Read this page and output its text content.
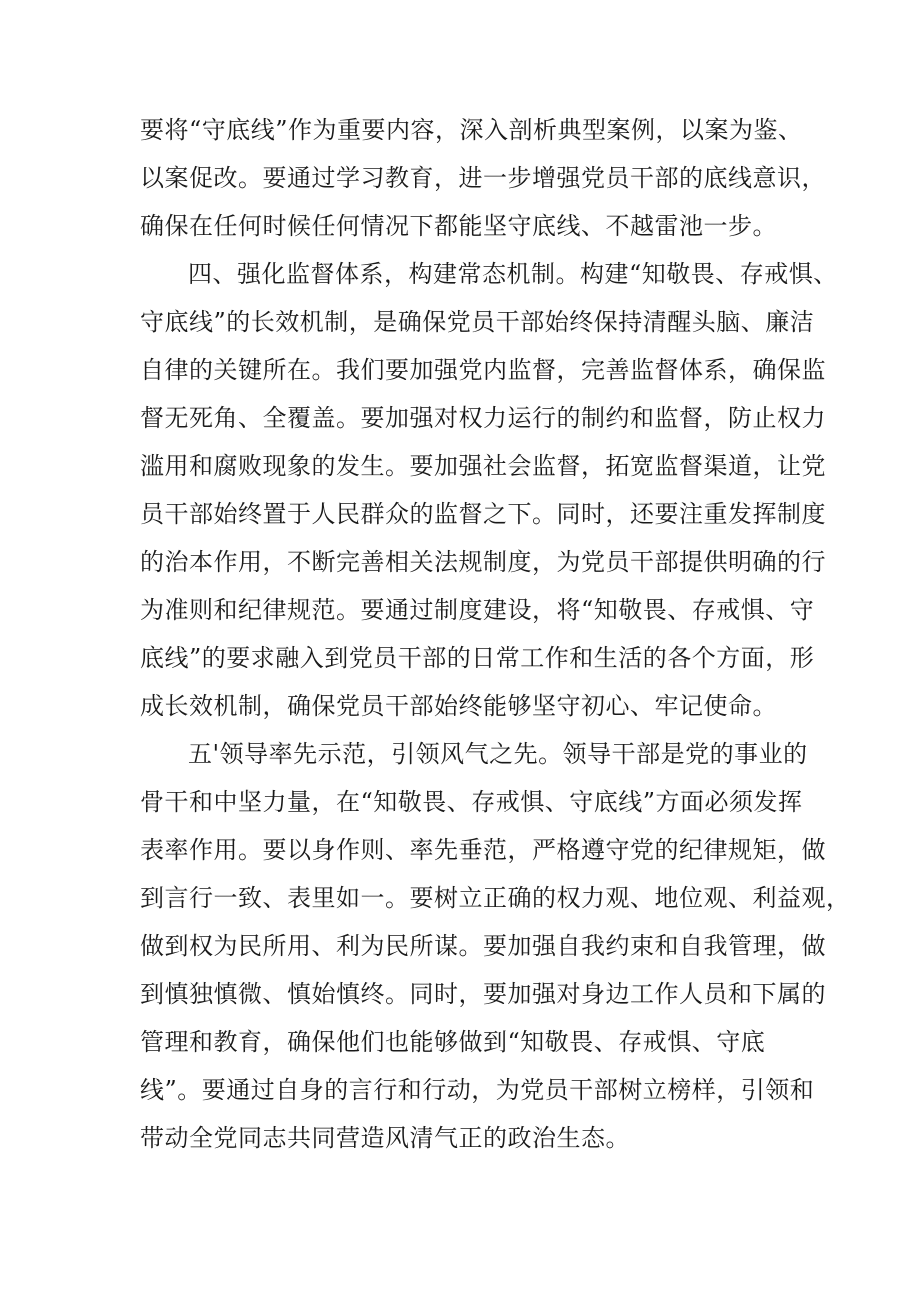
要将“守底线”作为重要内容，深入剖析典型案例，以案为鉴、
以案促改。要通过学习教育，进一步增强党员干部的底线意识，
确保在任何时候任何情况下都能坚守底线、不越雷池一步。
四、强化监督体系，构建常态机制。构建“知敬畏、存戒惧、
守底线”的长效机制，是确保党员干部始终保持清醒头脑、廉洁
自律的关键所在。我们要加强党内监督，完善监督体系，确保监
督无死角、全覆盖。要加强对权力运行的制约和监督，防止权力
滥用和腐败现象的发生。要加强社会监督，拓宽监督渠道，让党
员干部始终置于人民群众的监督之下。同时，还要注重发挥制度
的治本作用，不断完善相关法规制度，为党员干部提供明确的行
为准则和纪律规范。要通过制度建设，将“知敬畏、存戒惧、守
底线”的要求融入到党员干部的日常工作和生活的各个方面，形
成长效机制，确保党员干部始终能够坚守初心、牢记使命。
五'领导率先示范，引领风气之先。领导干部是党的事业的
骨干和中坚力量，在“知敬畏、存戒惧、守底线”方面必须发挥
表率作用。要以身作则、率先垂范，严格遵守党的纪律规矩，做
到言行一致、表里如一。要树立正确的权力观、地位观、利益观，
做到权为民所用、利为民所谋。要加强自我约束和自我管理，做
到慎独慎微、慎始慎终。同时，要加强对身边工作人员和下属的
管理和教育，确保他们也能够做到“知敬畏、存戒惧、守底
线”。要通过自身的言行和行动，为党员干部树立榜样，引领和
带动全党同志共同营造风清气正的政治生态。
